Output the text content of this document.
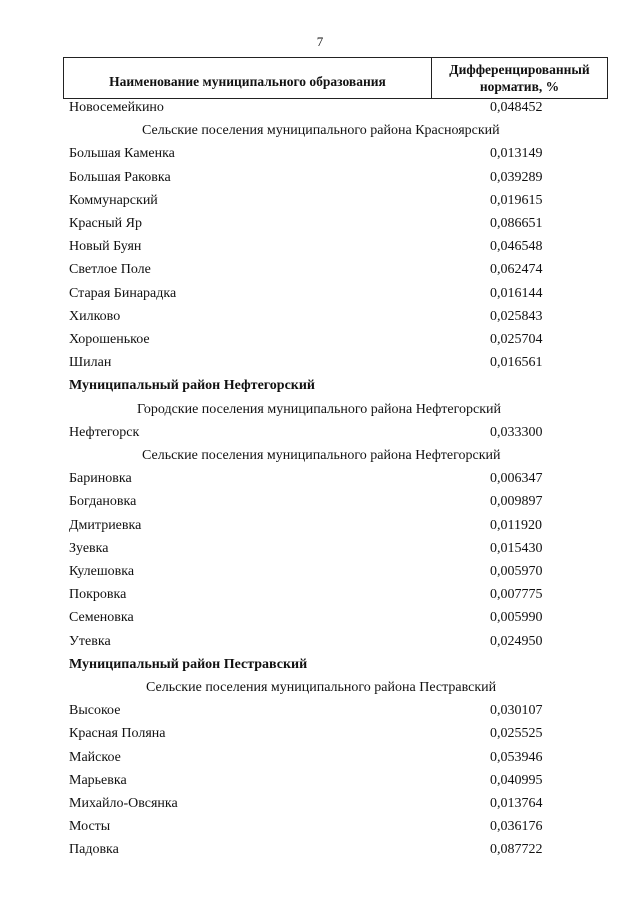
7
Наименование муниципального образования
Дифференцированный
норматив, %
Новосемейкино	0,048452
Сельские поселения муниципального района Красноярский
Большая Каменка	0,013149
Большая Раковка	0,039289
Коммунарский	0,019615
Красный Яр	0,086651
Новый Буян	0,046548
Светлое Поле	0,062474
Старая Бинарадка	0,016144
Хилково	0,025843
Хорошенькое	0,025704
Шилан	0,016561
Муниципальный район Нефтегорский
Городские поселения муниципального района Нефтегорский
Нефтегорск	0,033300
Сельские поселения муниципального района Нефтегорский
Бариновка	0,006347
Богдановка	0,009897
Дмитриевка	0,011920
Зуевка	0,015430
Кулешовка	0,005970
Покровка	0,007775
Семеновка	0,005990
Утевка	0,024950
Муниципальный район Пестравский
Сельские поселения муниципального района Пестравский
Высокое	0,030107
Красная Поляна	0,025525
Майское	0,053946
Марьевка	0,040995
Михайло-Овсянка	0,013764
Мосты	0,036176
Падовка	0,087722
